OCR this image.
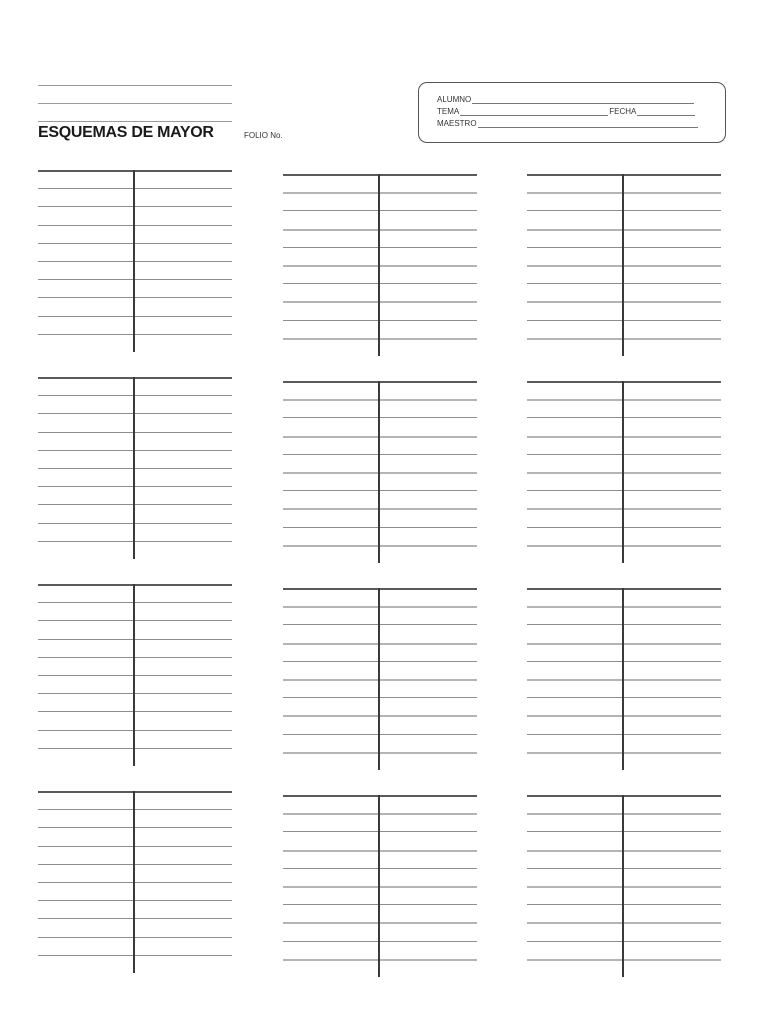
ESQUEMAS DE MAYOR	FOLIO No.
ALUMNO
TEMA	FECHA
MAESTRO
